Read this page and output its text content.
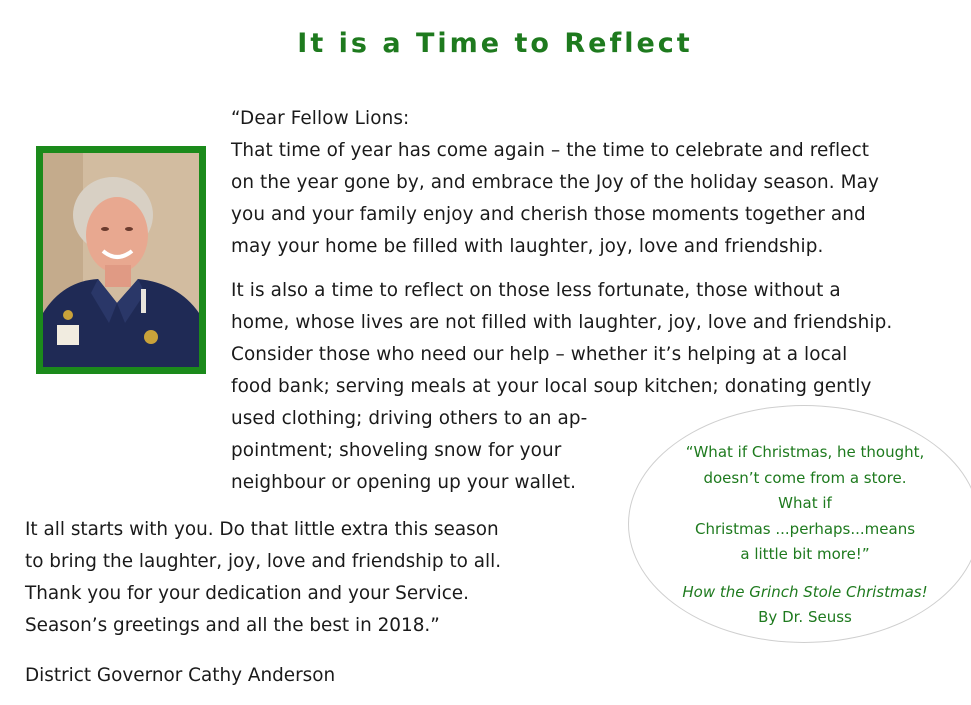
It is a Time to Reflect

“Dear Fellow Lions:
That time of year has come again – the time to celebrate and reflect
on the year gone by, and embrace the Joy of the holiday season. May
you and your family enjoy and cherish those moments together and
may your home be filled with laughter, joy, love and friendship.

It is also a time to reflect on those less fortunate, those without a
home, whose lives are not filled with laughter, joy, love and friendship.
Consider those who need our help – whether it’s helping at a local
food bank; serving meals at your local soup kitchen; donating gently
used clothing; driving others to an ap-
pointment; shoveling snow for your
neighbour or opening up your wallet.

It all starts with you. Do that little extra this season
to bring the laughter, joy, love and friendship to all.
Thank you for your dedication and your Service.
Season’s greetings and all the best in 2018.”
District Governor Cathy Anderson
“What if Christmas, he thought,
doesn’t come from a store.
What if
Christmas ...perhaps...means
a little bit more!”
How the Grinch Stole Christmas!
By Dr. Seuss
